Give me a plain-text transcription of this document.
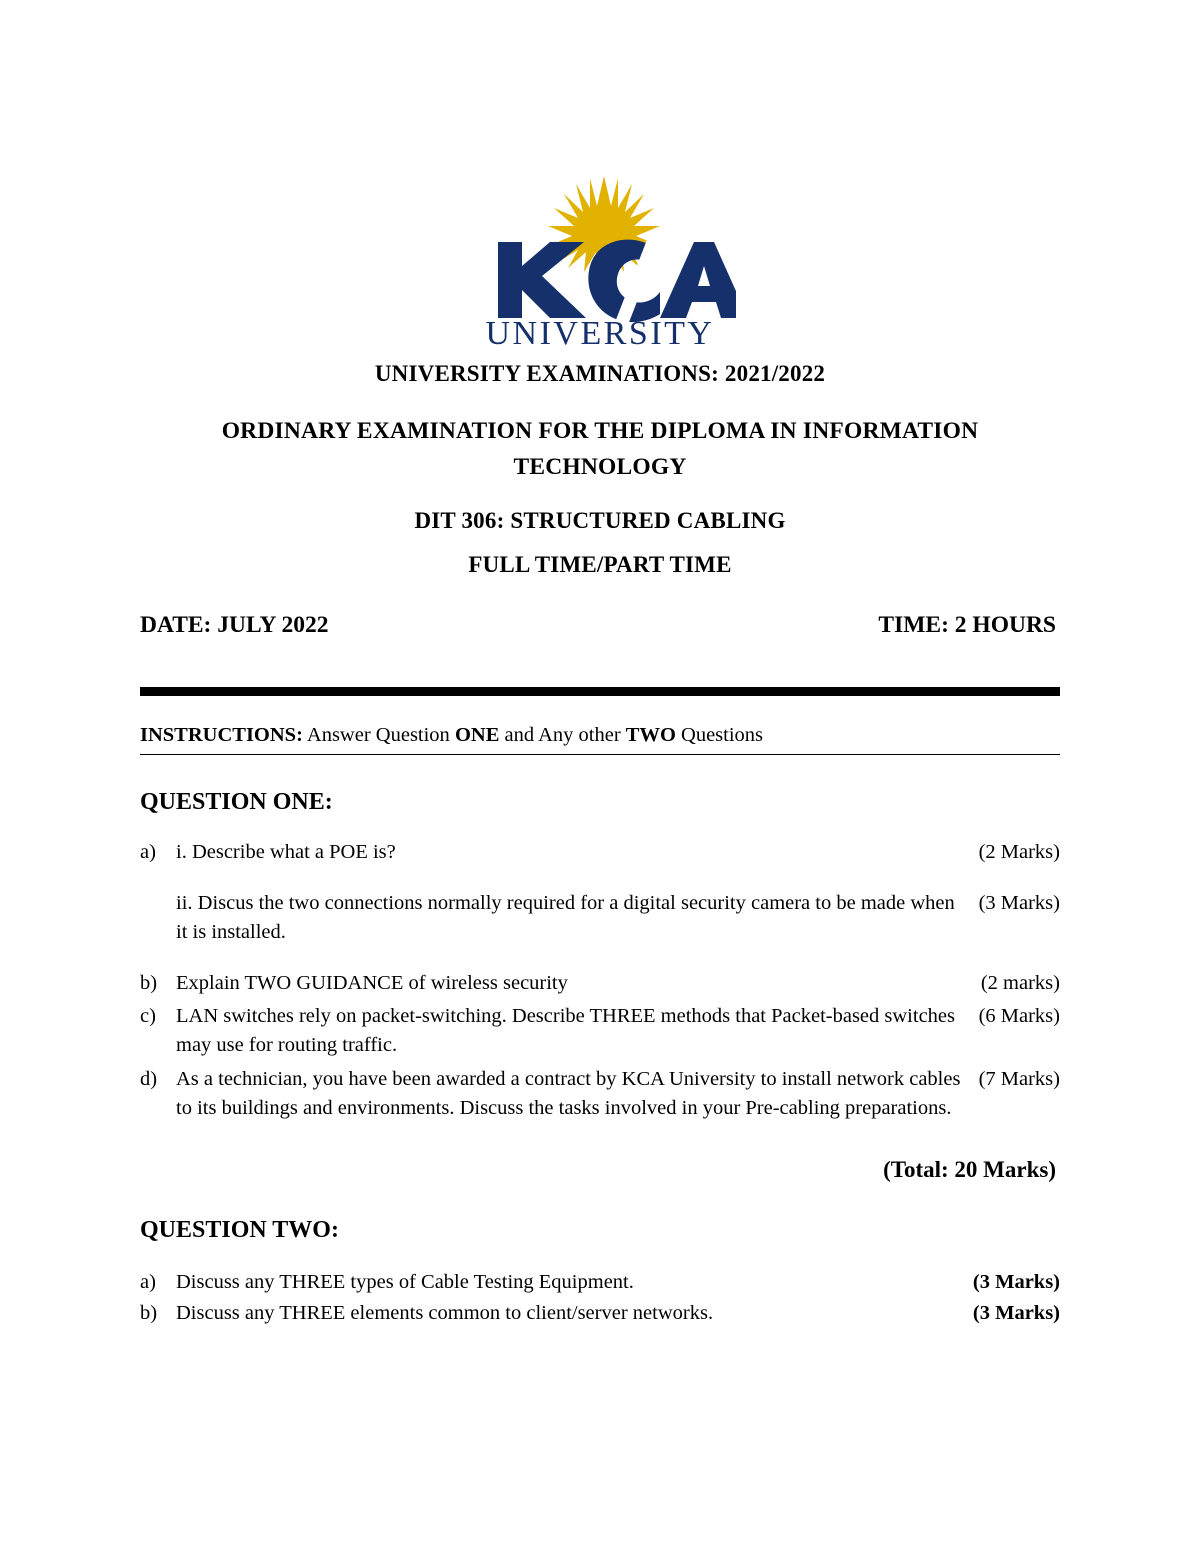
UNIVERSITY
UNIVERSITY EXAMINATIONS: 2021/2022
ORDINARY EXAMINATION FOR THE DIPLOMA IN INFORMATION TECHNOLOGY
DIT 306: STRUCTURED CABLING
FULL TIME/PART TIME
DATE: JULY 2022	TIME: 2 HOURS
INSTRUCTIONS: Answer Question ONE and Any other TWO Questions
QUESTION ONE:
a)	(2 Marks)
i. Describe what a POE is?
(3 Marks)
ii. Discus the two connections normally required for a digital security camera to be made when it is installed.
b)	(2 marks)
Explain TWO GUIDANCE of wireless security
c)	(6 Marks)
LAN switches rely on packet-switching. Describe THREE methods that Packet-based switches may use for routing traffic.
d)	(7 Marks)
As a technician, you have been awarded a contract by KCA University to install network cables to its buildings and environments. Discuss the tasks involved in your Pre-cabling preparations.
(Total: 20 Marks)
QUESTION TWO:
a)	(3 Marks)
Discuss any THREE types of Cable Testing Equipment.
b)	(3 Marks)
Discuss any THREE elements common to client/server networks.
